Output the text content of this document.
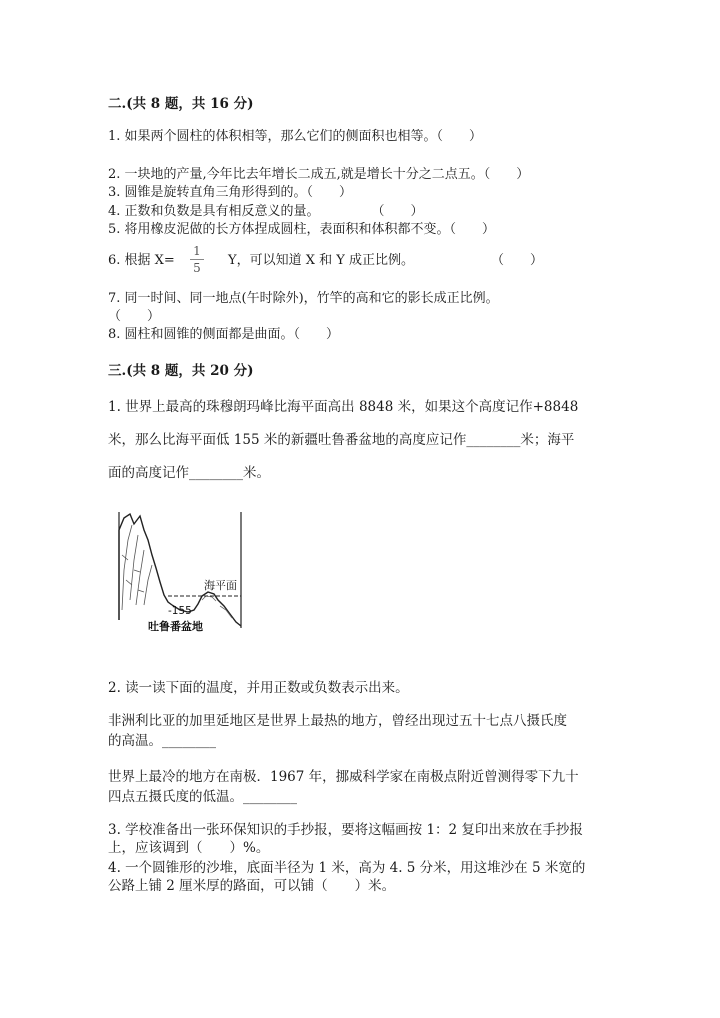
二.(共 8 题，共 16 分)
1. 如果两个圆柱的体积相等，那么它们的侧面积也相等。（　　）
2. 一块地的产量,今年比去年增长二成五,就是增长十分之二点五。（　　）
3. 圆锥是旋转直角三角形得到的。（　　）
4. 正数和负数是具有相反意义的量。　　　　　（　　）
5. 将用橡皮泥做的长方体捏成圆柱，表面积和体积都不变。（　　）
6. 根据 X=
1
5 Y，可以知道 X 和 Y 成正比例。	（　　）
7. 同一时间、同一地点(午时除外)，竹竿的高和它的影长成正比例。
（　　）
8. 圆柱和圆锥的侧面都是曲面。（　　）
三.(共 8 题，共 20 分)
1. 世界上最高的珠穆朗玛峰比海平面高出 8848 米，如果这个高度记作+8848
米，那么比海平面低 155 米的新疆吐鲁番盆地的高度应记作________米；海平
面的高度记作________米。
海平面
-155
吐鲁番盆地
2. 读一读下面的温度，并用正数或负数表示出来。
非洲利比亚的加里延地区是世界上最热的地方，曾经出现过五十七点八摄氏度
的高温。________
世界上最冷的地方在南极．1967 年，挪威科学家在南极点附近曾测得零下九十
四点五摄氏度的低温。________
3. 学校准备出一张环保知识的手抄报，要将这幅画按 1：2 复印出来放在手抄报
上，应该调到（　　）%。
4. 一个圆锥形的沙堆，底面半径为 1 米，高为 4. 5 分米，用这堆沙在 5 米宽的
公路上铺 2 厘米厚的路面，可以铺（　　）米。
